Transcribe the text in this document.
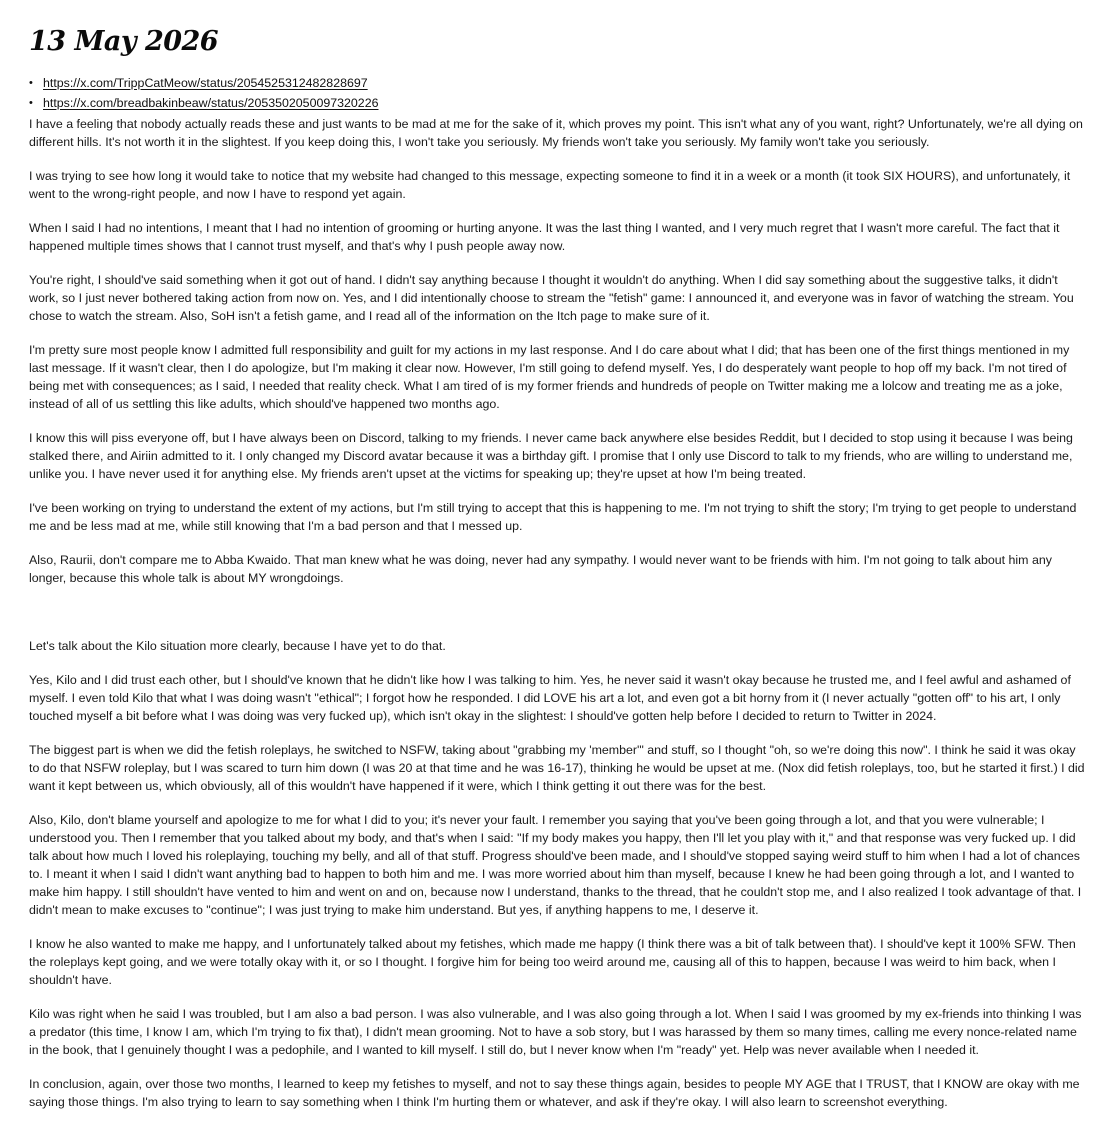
13 May 2026
• https://x.com/TrippCatMeow/status/2054525312482828697
• https://x.com/breadbakinbeaw/status/2053502050097320226

I have a feeling that nobody actually reads these and just wants to be mad at me for the sake of it, which proves my point. This isn't what any of you want, right? Unfortunately, we're all dying on different hills. It's not worth it in the slightest. If you keep doing this, I won't take you seriously. My friends won't take you seriously. My family won't take you seriously.

I was trying to see how long it would take to notice that my website had changed to this message, expecting someone to find it in a week or a month (it took SIX HOURS), and unfortunately, it went to the wrong-right people, and now I have to respond yet again.

When I said I had no intentions, I meant that I had no intention of grooming or hurting anyone. It was the last thing I wanted, and I very much regret that I wasn't more careful. The fact that it happened multiple times shows that I cannot trust myself, and that's why I push people away now.

You're right, I should've said something when it got out of hand. I didn't say anything because I thought it wouldn't do anything. When I did say something about the suggestive talks, it didn't work, so I just never bothered taking action from now on. Yes, and I did intentionally choose to stream the "fetish" game: I announced it, and everyone was in favor of watching the stream. You chose to watch the stream. Also, SoH isn't a fetish game, and I read all of the information on the Itch page to make sure of it.

I'm pretty sure most people know I admitted full responsibility and guilt for my actions in my last response. And I do care about what I did; that has been one of the first things mentioned in my last message. If it wasn't clear, then I do apologize, but I'm making it clear now. However, I'm still going to defend myself. Yes, I do desperately want people to hop off my back. I'm not tired of being met with consequences; as I said, I needed that reality check. What I am tired of is my former friends and hundreds of people on Twitter making me a lolcow and treating me as a joke, instead of all of us settling this like adults, which should've happened two months ago.

I know this will piss everyone off, but I have always been on Discord, talking to my friends. I never came back anywhere else besides Reddit, but I decided to stop using it because I was being stalked there, and Airiin admitted to it. I only changed my Discord avatar because it was a birthday gift. I promise that I only use Discord to talk to my friends, who are willing to understand me, unlike you. I have never used it for anything else. My friends aren't upset at the victims for speaking up; they're upset at how I'm being treated.

I've been working on trying to understand the extent of my actions, but I'm still trying to accept that this is happening to me. I'm not trying to shift the story; I'm trying to get people to understand me and be less mad at me, while still knowing that I'm a bad person and that I messed up.

Also, Raurii, don't compare me to Abba Kwaido. That man knew what he was doing, never had any sympathy. I would never want to be friends with him. I'm not going to talk about him any longer, because this whole talk is about MY wrongdoings.

Let's talk about the Kilo situation more clearly, because I have yet to do that.

Yes, Kilo and I did trust each other, but I should've known that he didn't like how I was talking to him. Yes, he never said it wasn't okay because he trusted me, and I feel awful and ashamed of myself. I even told Kilo that what I was doing wasn't "ethical"; I forgot how he responded. I did LOVE his art a lot, and even got a bit horny from it (I never actually "gotten off" to his art, I only touched myself a bit before what I was doing was very fucked up), which isn't okay in the slightest: I should've gotten help before I decided to return to Twitter in 2024.

The biggest part is when we did the fetish roleplays, he switched to NSFW, taking about "grabbing my 'member'" and stuff, so I thought "oh, so we're doing this now". I think he said it was okay to do that NSFW roleplay, but I was scared to turn him down (I was 20 at that time and he was 16-17), thinking he would be upset at me. (Nox did fetish roleplays, too, but he started it first.) I did want it kept between us, which obviously, all of this wouldn't have happened if it were, which I think getting it out there was for the best.

Also, Kilo, don't blame yourself and apologize to me for what I did to you; it's never your fault. I remember you saying that you've been going through a lot, and that you were vulnerable; I understood you. Then I remember that you talked about my body, and that's when I said: "If my body makes you happy, then I'll let you play with it," and that response was very fucked up. I did talk about how much I loved his roleplaying, touching my belly, and all of that stuff. Progress should've been made, and I should've stopped saying weird stuff to him when I had a lot of chances to. I meant it when I said I didn't want anything bad to happen to both him and me. I was more worried about him than myself, because I knew he had been going through a lot, and I wanted to make him happy. I still shouldn't have vented to him and went on and on, because now I understand, thanks to the thread, that he couldn't stop me, and I also realized I took advantage of that. I didn't mean to make excuses to "continue"; I was just trying to make him understand. But yes, if anything happens to me, I deserve it.

I know he also wanted to make me happy, and I unfortunately talked about my fetishes, which made me happy (I think there was a bit of talk between that). I should've kept it 100% SFW. Then the roleplays kept going, and we were totally okay with it, or so I thought. I forgive him for being too weird around me, causing all of this to happen, because I was weird to him back, when I shouldn't have.

Kilo was right when he said I was troubled, but I am also a bad person. I was also vulnerable, and I was also going through a lot. When I said I was groomed by my ex-friends into thinking I was a predator (this time, I know I am, which I'm trying to fix that), I didn't mean grooming. Not to have a sob story, but I was harassed by them so many times, calling me every nonce-related name in the book, that I genuinely thought I was a pedophile, and I wanted to kill myself. I still do, but I never know when I'm "ready" yet. Help was never available when I needed it.

In conclusion, again, over those two months, I learned to keep my fetishes to myself, and not to say these things again, besides to people MY AGE that I TRUST, that I KNOW are okay with me saying those things. I'm also trying to learn to say something when I think I'm hurting them or whatever, and ask if they're okay. I will also learn to screenshot everything.
